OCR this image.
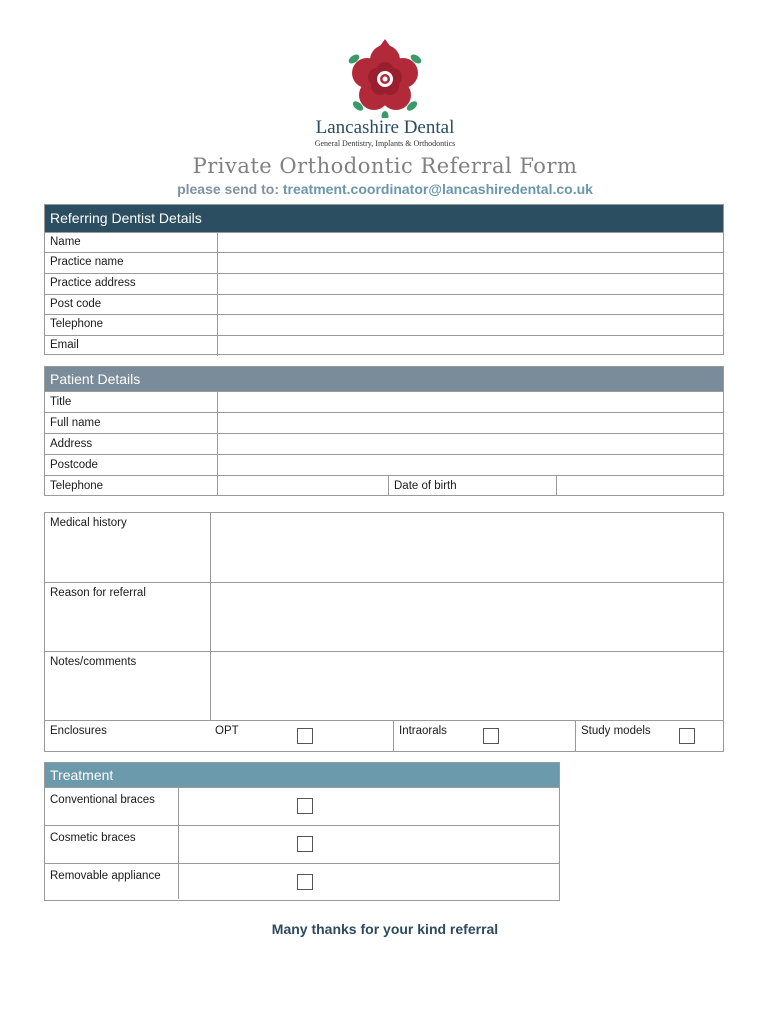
Lancashire Dental
General Dentistry, Implants & Orthodontics
Private Orthodontic Referral Form
please send to: treatment.coordinator@lancashiredental.co.uk
Referring Dentist Details
Name
Practice name
Practice address
Post code
Telephone
Email
Patient Details
Title
Full name
Address
Postcode
Telephone	Date of birth
Medical history
Reason for referral
Notes/comments
Enclosures	OPT	Intraorals	Study models
Treatment
Conventional braces
Cosmetic braces
Removable appliance
Many thanks for your kind referral
